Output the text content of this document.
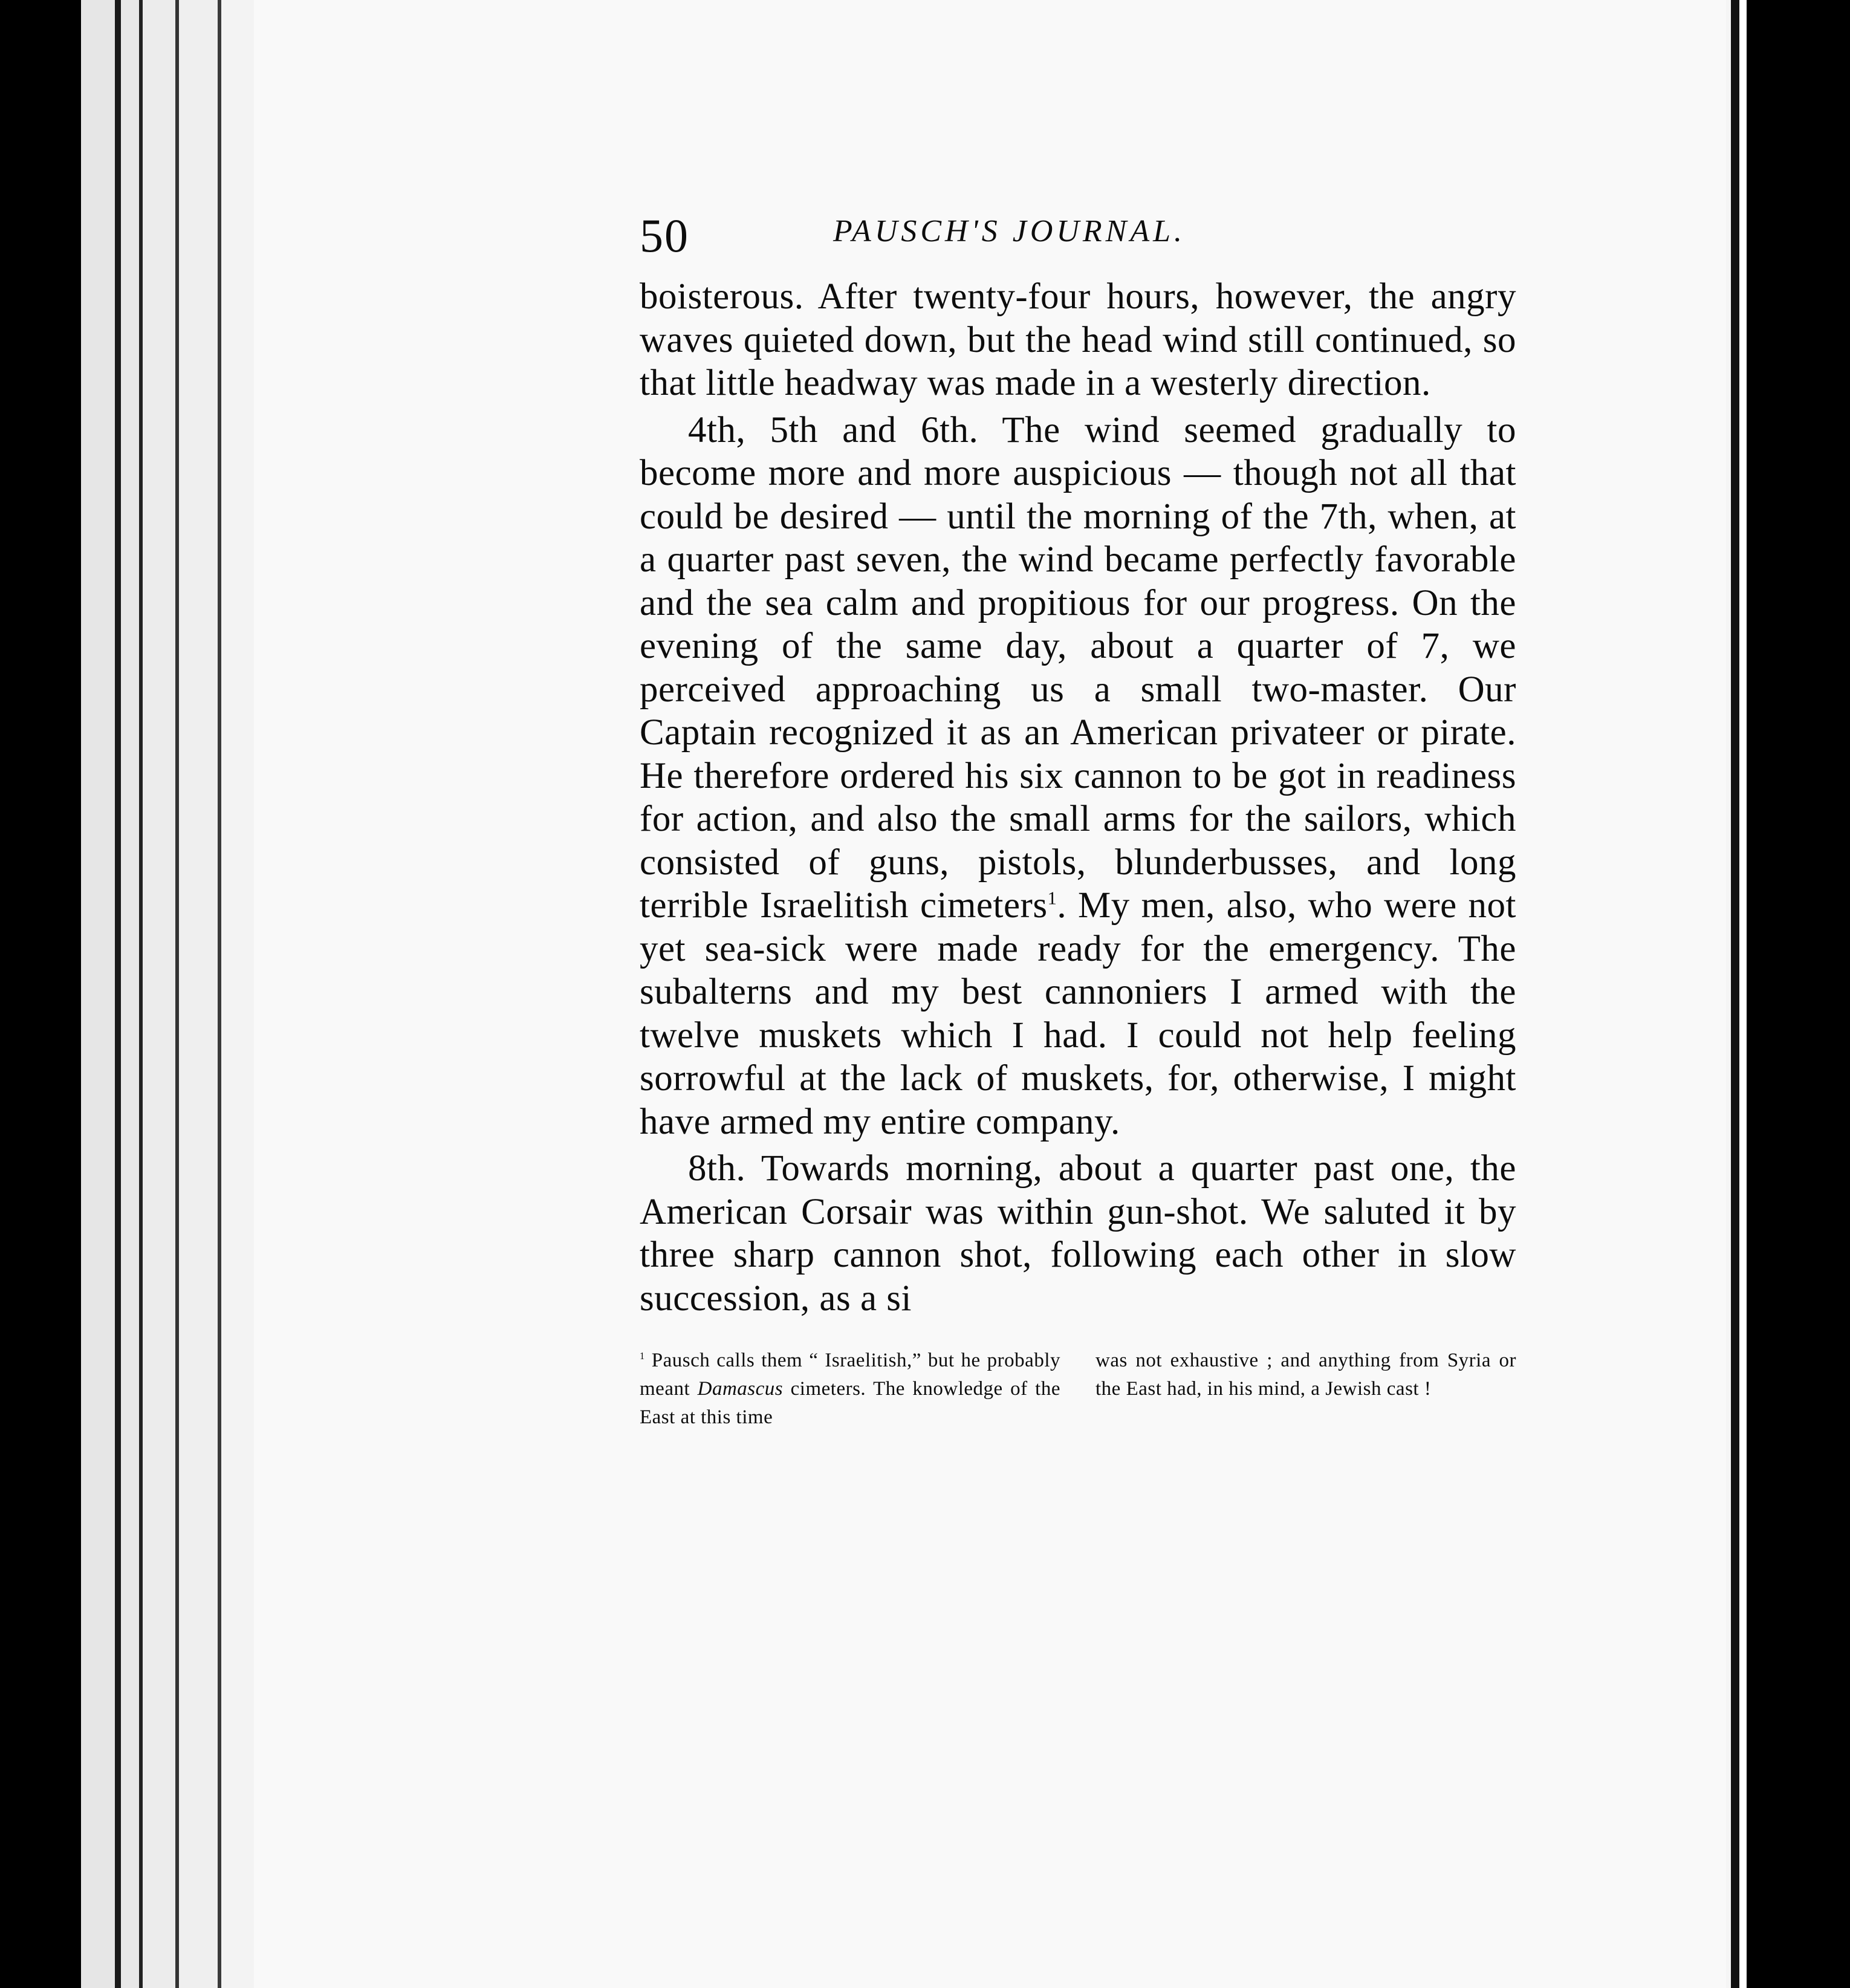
50	PAUSCH'S JOURNAL.

boisterous. After twenty-four hours, however, the angry waves quieted down, but the head wind still continued, so that little headway was made in a westerly direction.

4th, 5th and 6th. The wind seemed gradually to become more and more auspicious — though not all that could be desired — until the morning of the 7th, when, at a quarter past seven, the wind became perfectly favorable and the sea calm and propitious for our progress. On the evening of the same day, about a quarter of 7, we perceived approaching us a small two-master. Our Captain recognized it as an American privateer or pirate. He therefore ordered his six cannon to be got in readiness for action, and also the small arms for the sailors, which consisted of guns, pistols, blunderbusses, and long terrible Israelitish cimeters$^1$. My men, also, who were not yet sea-sick were made ready for the emergency. The subalterns and my best cannoniers I armed with the twelve muskets which I had. I could not help feeling sorrowful at the lack of muskets, for, otherwise, I might have armed my entire company.

8th. Towards morning, about a quarter past one, the American Corsair was within gun-shot. We saluted it by three sharp cannon shot, following each other in slow succession, as a si

$^1$ Pausch calls them “ Israelitish,” but he probably meant Damascus cimeters. The knowledge of the East at this time
was not exhaustive ; and anything from Syria or the East had, in his mind, a Jewish cast !
